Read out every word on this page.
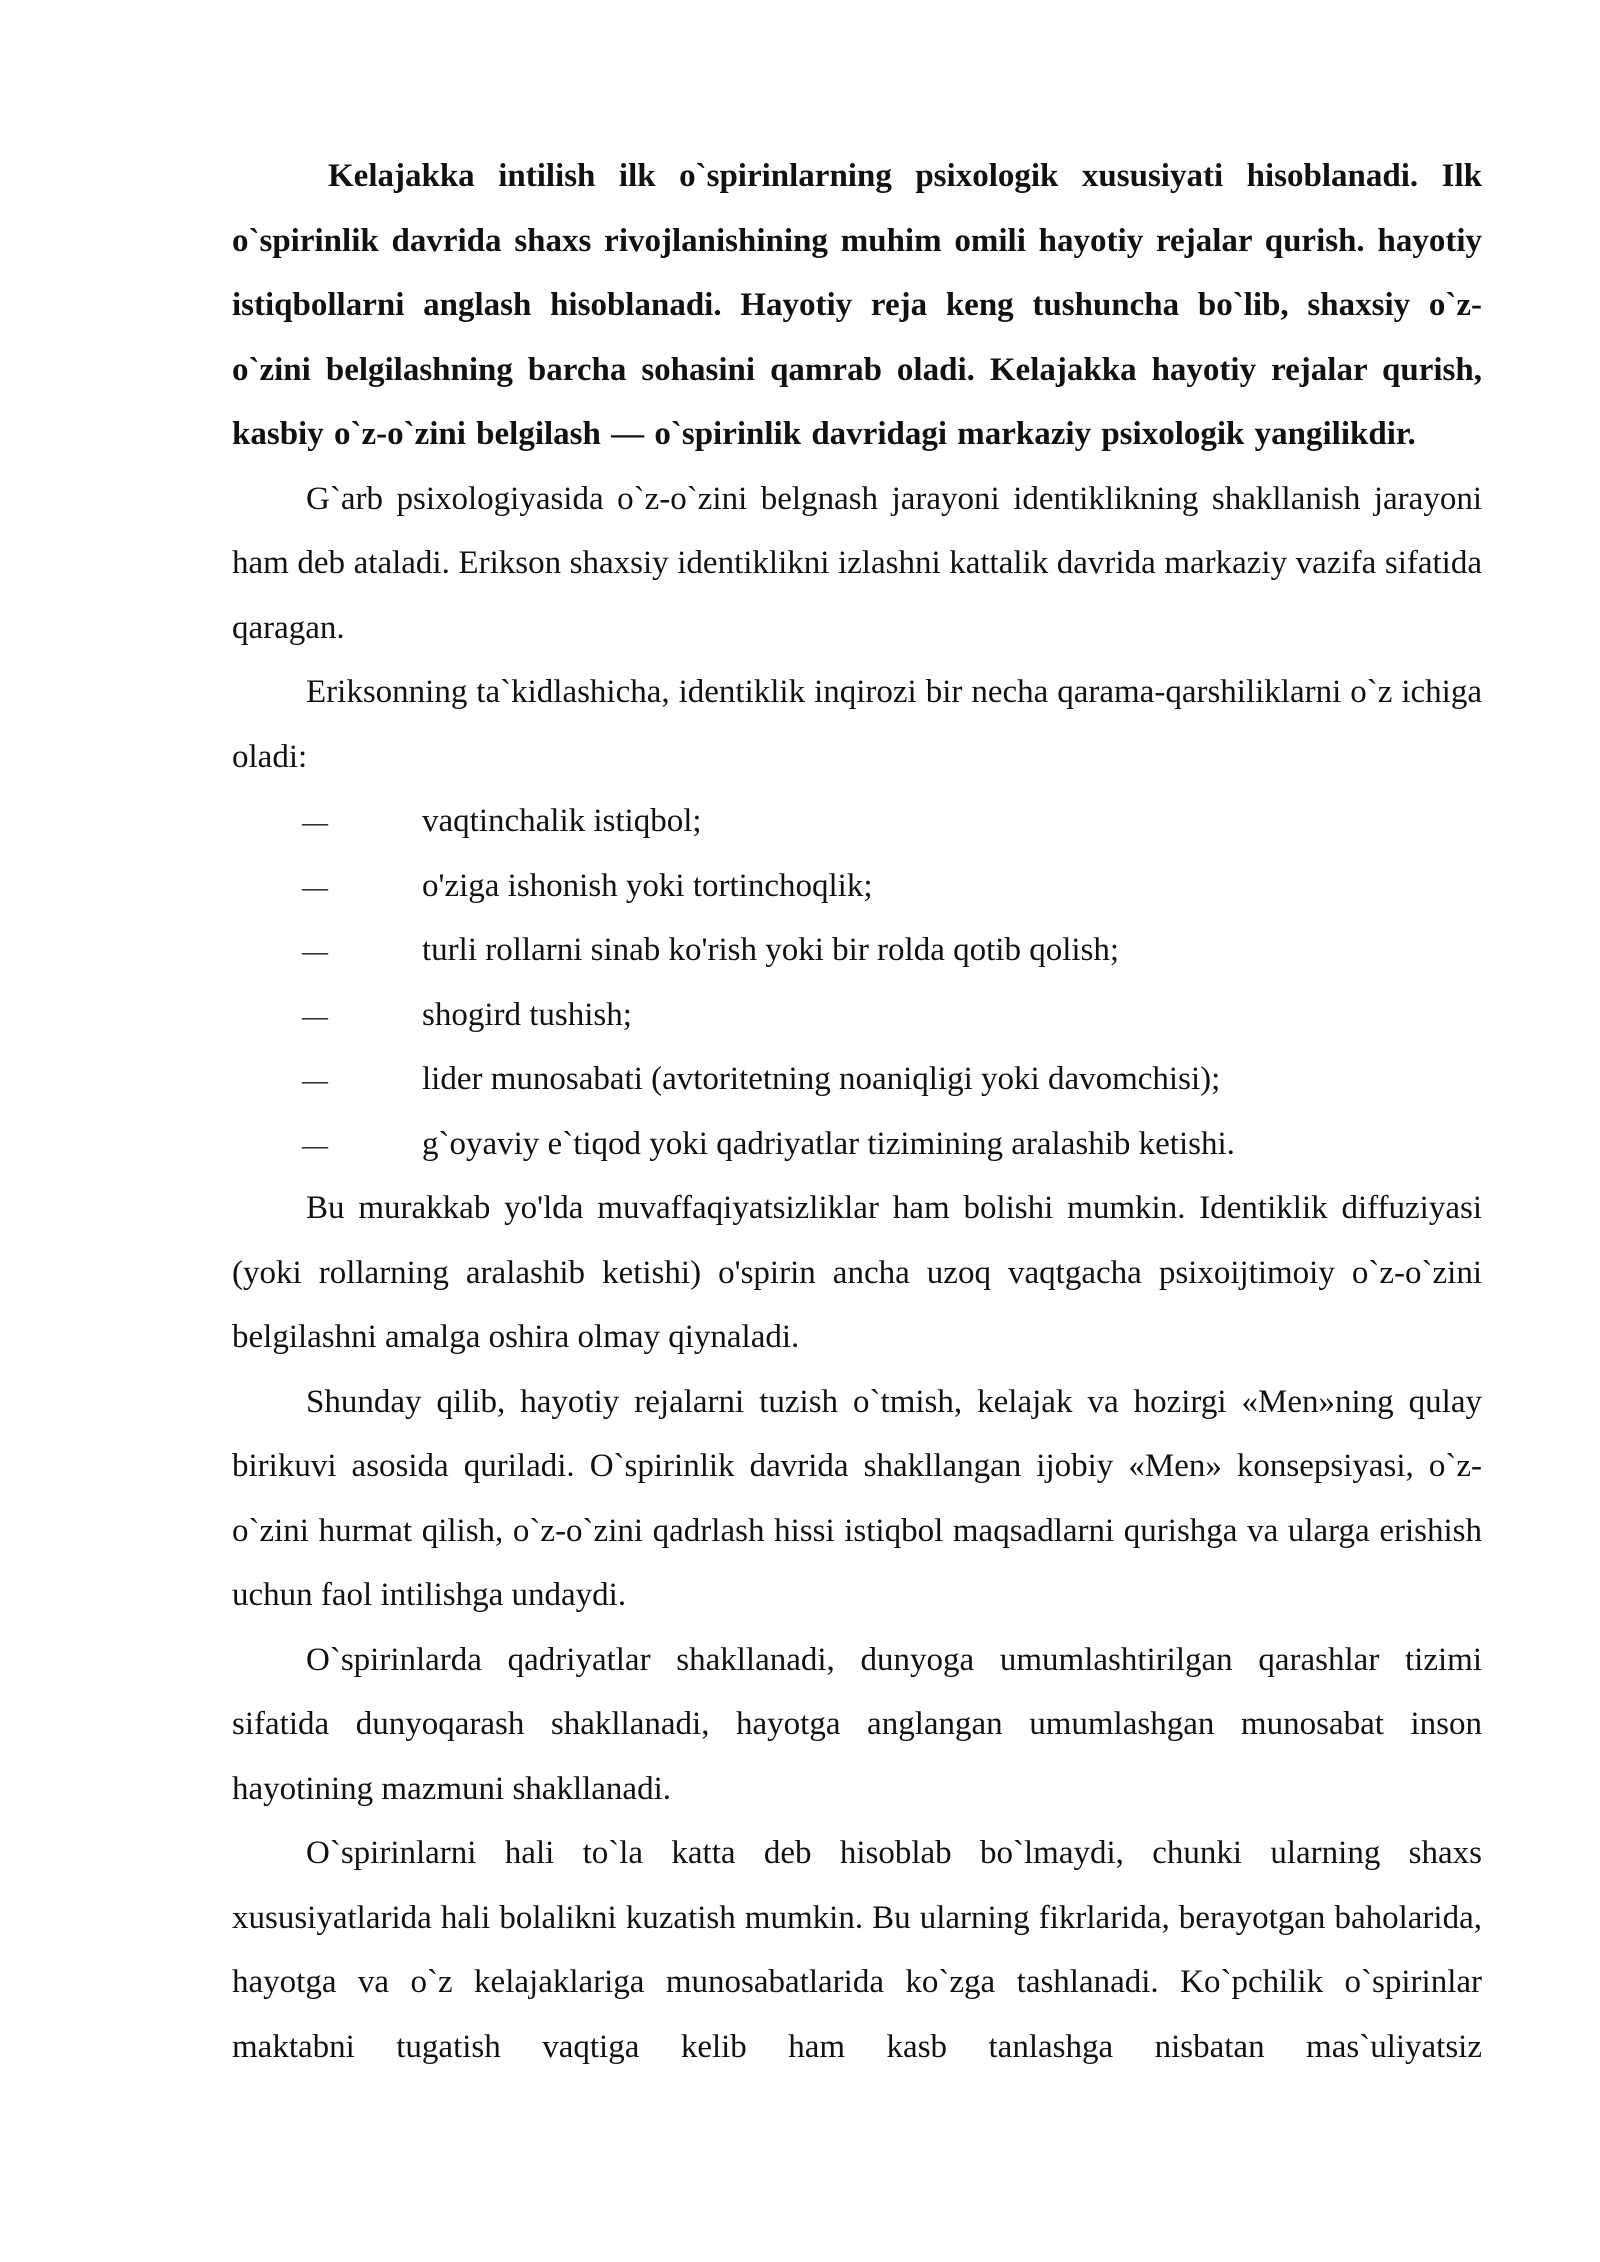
Kelajakka intilish ilk o`spirinlarning psixologik xususiyati hisoblanadi. Ilk o`spirinlik davrida shaxs rivojlanishining muhim omili hayotiy rejalar qurish. hayotiy istiqbollarni anglash hisoblanadi. Hayotiy reja keng tushuncha bo`lib, shaxsiy o`z-o`zini belgilashning barcha sohasini qamrab oladi. Kelajakka hayotiy rejalar qurish, kasbiy o`z-o`zini belgilash — o`spirinlik davridagi markaziy psixologik yangilikdir.

G`arb psixologiyasida o`z-o`zini belgnash jarayoni identiklikning shakllanish jarayoni ham deb ataladi. Erikson shaxsiy identiklikni izlashni kattalik davrida markaziy vazifa sifatida qaragan.

Eriksonning ta`kidlashicha, identiklik inqirozi bir necha qarama-qarshiliklarni o`z ichiga oladi:

—	vaqtinchalik istiqbol;
—	o'ziga ishonish yoki tortinchoqlik;
—	turli rollarni sinab ko'rish yoki bir rolda qotib qolish;
—	shogird tushish;
—	lider munosabati (avtoritetning noaniqligi yoki davomchisi);
—	g`oyaviy e`tiqod yoki qadriyatlar tizimining aralashib ketishi.

Bu murakkab yo'lda muvaffaqiyatsizliklar ham bolishi mumkin. Identiklik diffuziyasi (yoki rollarning aralashib ketishi) o'spirin ancha uzoq vaqtgacha psixoijtimoiy o`z-o`zini belgilashni amalga oshira olmay qiynaladi.

Shunday qilib, hayotiy rejalarni tuzish o`tmish, kelajak va hozirgi «Men»ning qulay birikuvi asosida quriladi. O`spirinlik davrida shakllangan ijobiy «Men» konsepsiyasi, o`z-o`zini hurmat qilish, o`z-o`zini qadrlash hissi istiqbol maqsadlarni qurishga va ularga erishish uchun faol intilishga undaydi.

O`spirinlarda qadriyatlar shakllanadi, dunyoga umumlashtirilgan qarashlar tizimi sifatida dunyoqarash shakllanadi, hayotga anglangan umumlashgan munosabat inson hayotining mazmuni shakllanadi.

O`spirinlarni hali to`la katta deb hisoblab bo`lmaydi, chunki ularning shaxs xususiyatlarida hali bolalikni kuzatish mumkin. Bu ularning fikrlarida, berayotgan baholarida, hayotga va o`z kelajaklariga munosabatlarida ko`zga tashlanadi. Ko`pchilik o`spirinlar maktabni tugatish vaqtiga kelib ham kasb tanlashga nisbatan mas`uliyatsiz
